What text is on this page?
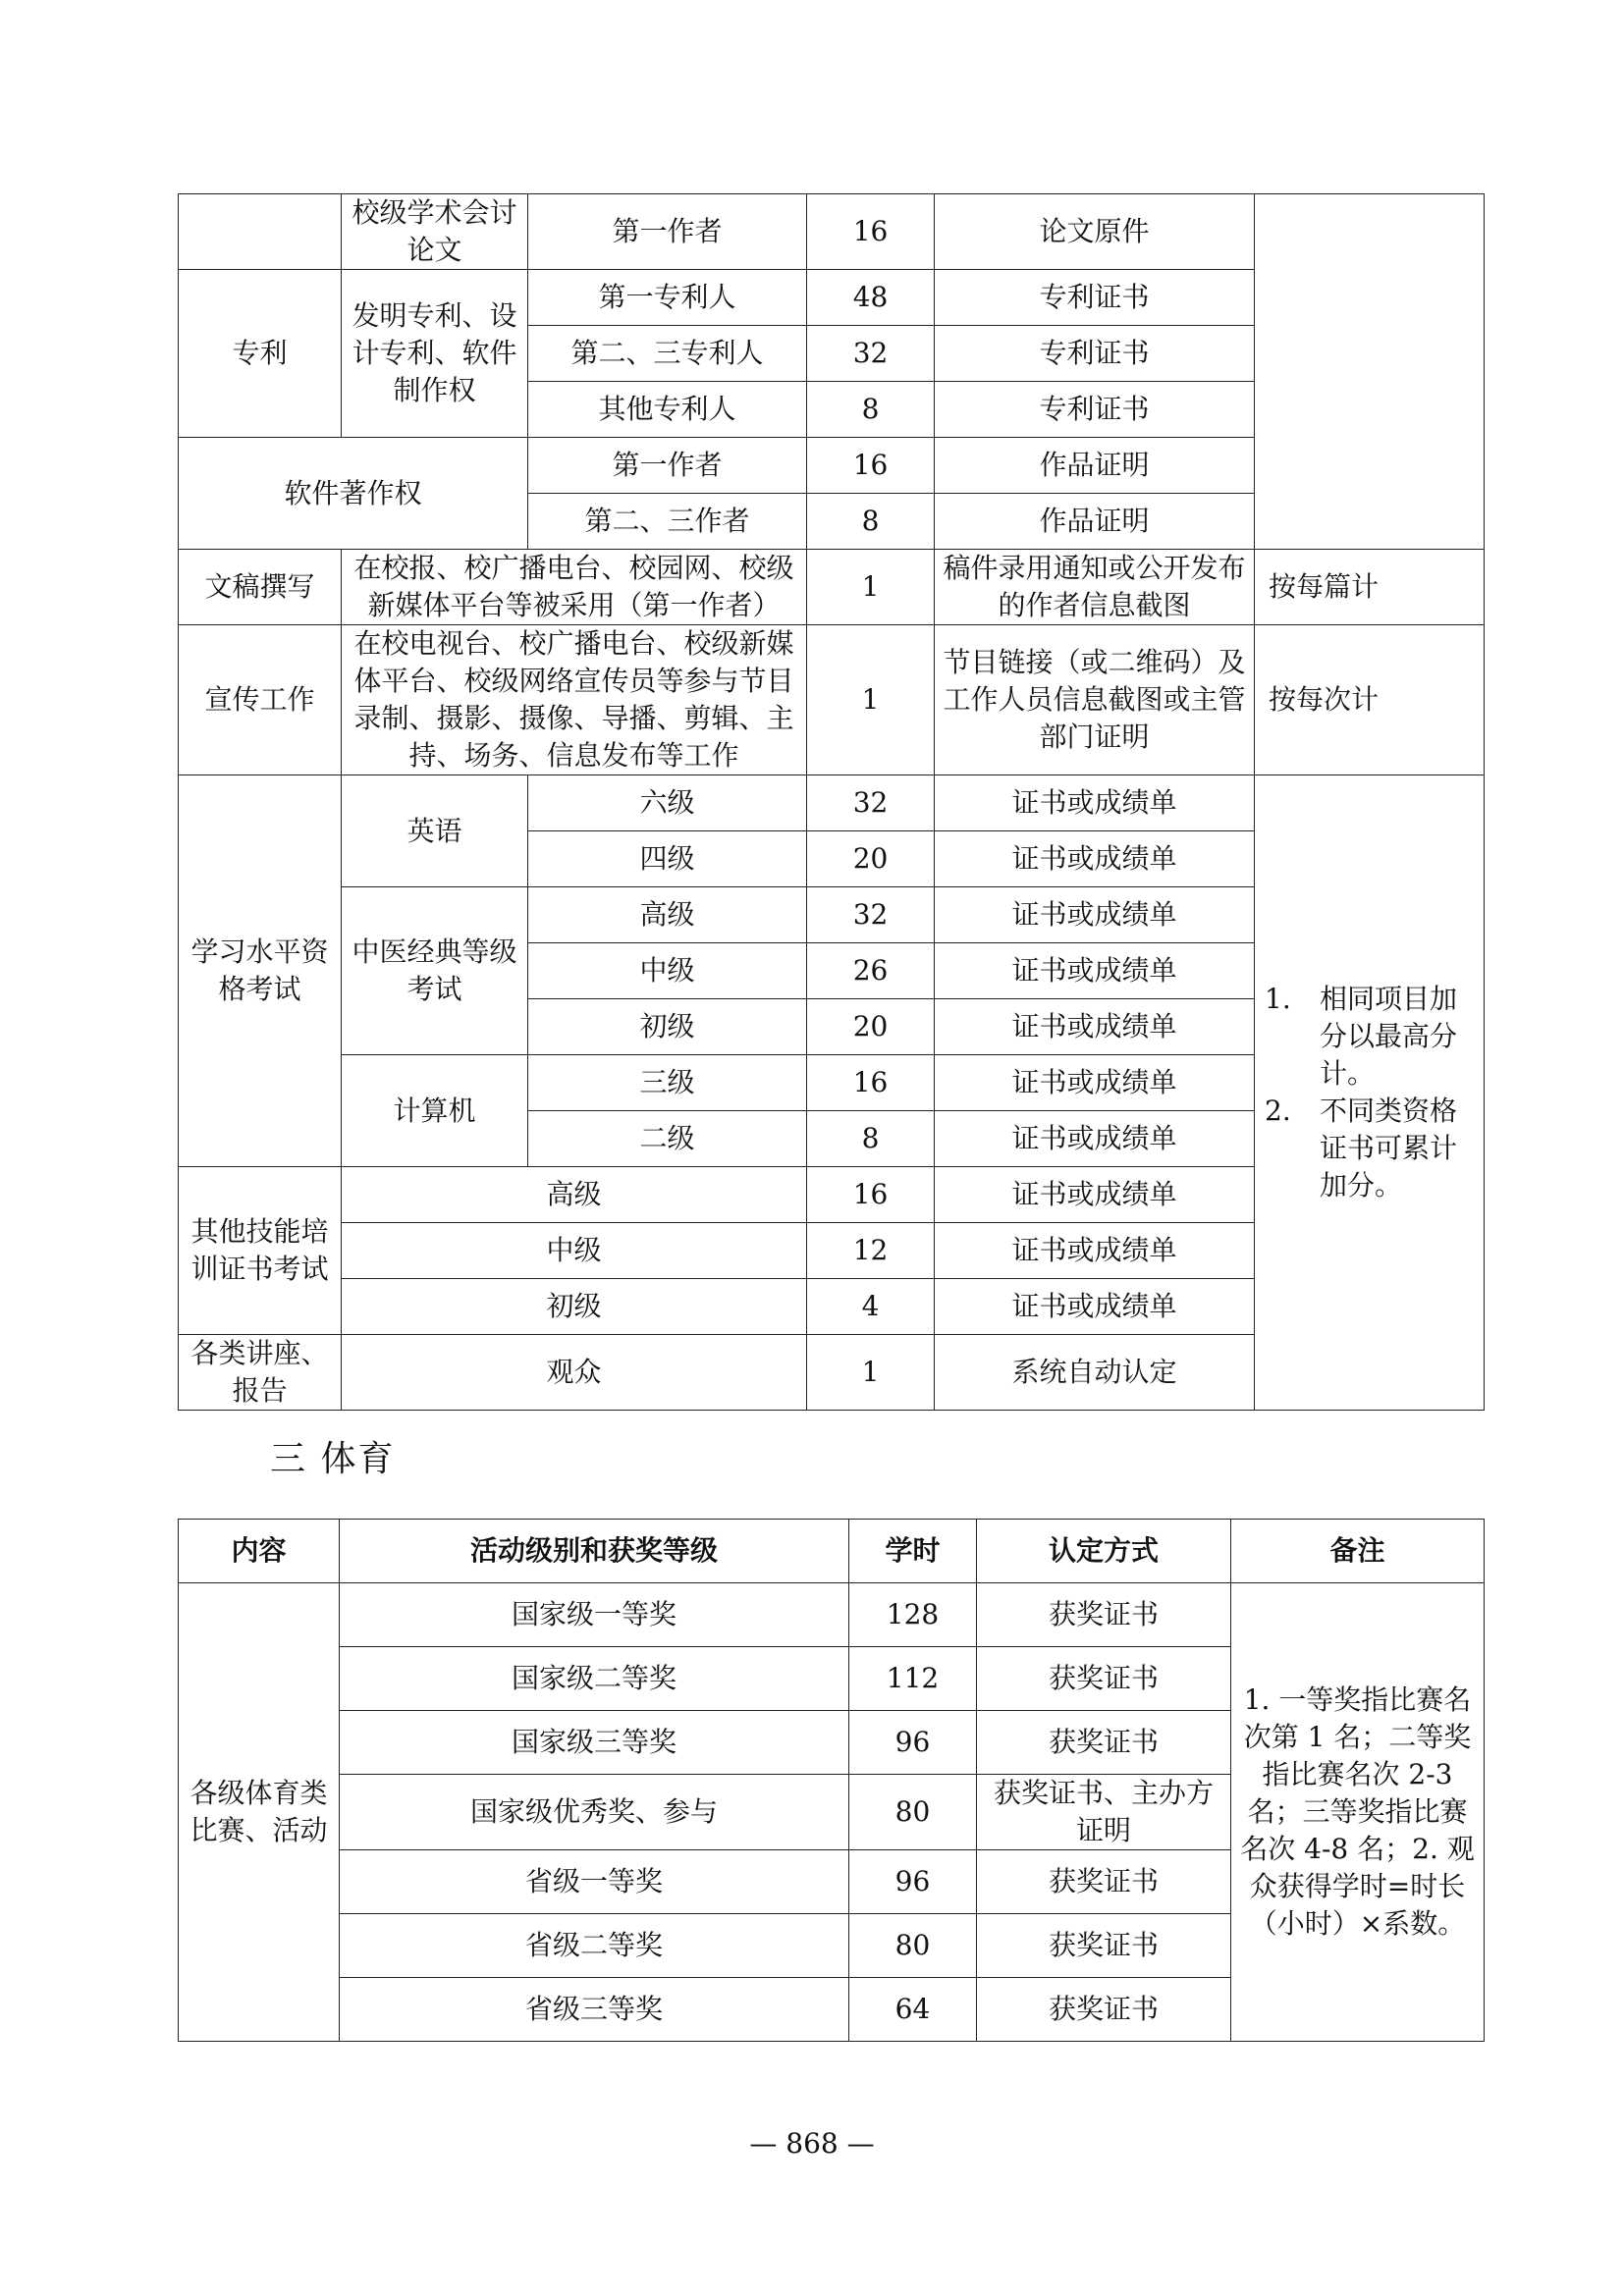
	校级学术会讨论文	第一作者	16	论文原件	
专利	发明专利、设计专利、软件制作权	第一专利人	48	专利证书	
		第二、三专利人	32	专利证书	
		其他专利人	8	专利证书	
软件著作权		第一作者	16	作品证明	
		第二、三作者	8	作品证明	
文稿撰写	在校报、校广播电台、校园网、校级新媒体平台等被采用（第一作者）		1	稿件录用通知或公开发布的作者信息截图	按每篇计
宣传工作	在校电视台、校广播电台、校级新媒体平台、校级网络宣传员等参与节目录制、摄影、摄像、导播、剪辑、主持、场务、信息发布等工作		1	节目链接（或二维码）及工作人员信息截图或主管部门证明	按每次计
学习水平资格考试	英语	六级	32	证书或成绩单	1. 相同项目加分以最高分计。
2. 不同类资格证书可累计加分。

		四级	20	证书或成绩单	
	中医经典等级考试	高级	32	证书或成绩单	
		中级	26	证书或成绩单	
		初级	20	证书或成绩单	
	计算机	三级	16	证书或成绩单	
		二级	8	证书或成绩单	
其他技能培训证书考试	高级		16	证书或成绩单	
	中级		12	证书或成绩单	
	初级		4	证书或成绩单	
各类讲座、报告	观众		1	系统自动认定	
三 体育
内容	活动级别和获奖等级	学时	认定方式	备注
各级体育类比赛、活动	国家级一等奖	128	获奖证书	1. 一等奖指比赛名次第 1 名；二等奖指比赛名次 2-3 名；三等奖指比赛名次 4-8 名；2. 观众获得学时=时长（小时）×系数。
	国家级二等奖	112	获奖证书	
	国家级三等奖	96	获奖证书	
	国家级优秀奖、参与	80	获奖证书、主办方证明	
	省级一等奖	96	获奖证书	
	省级二等奖	80	获奖证书	
	省级三等奖	64	获奖证书	
— 868 —
